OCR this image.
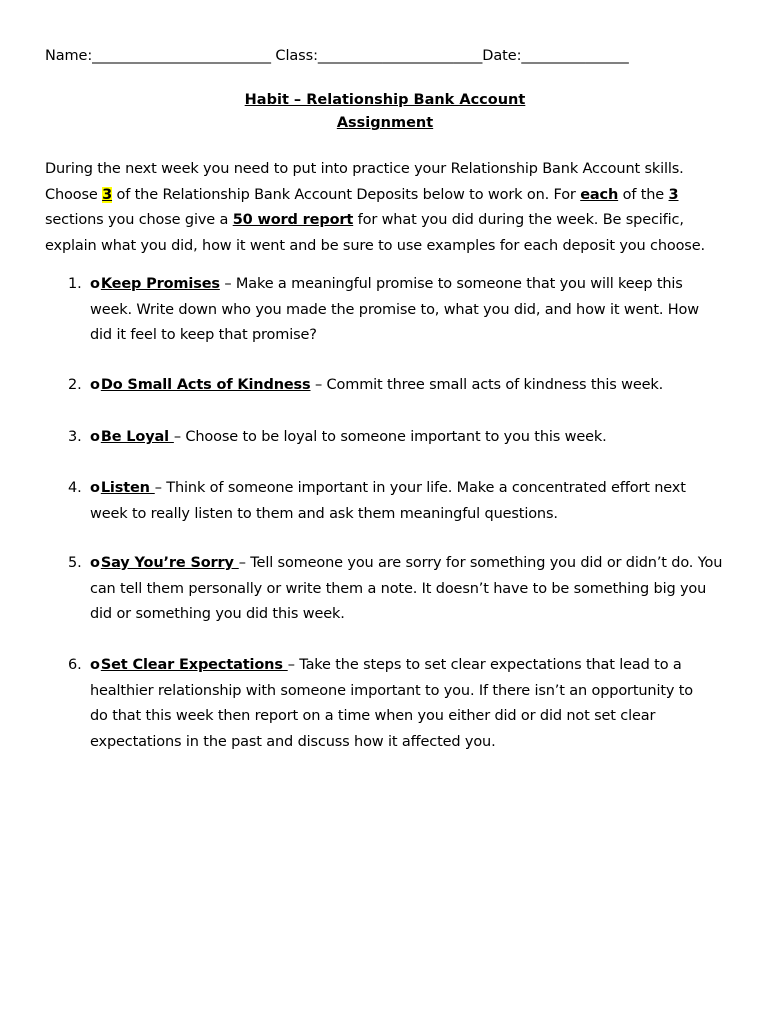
Name:_________________________ Class:_______________________Date:_______________
Habit – Relationship Bank Account
Assignment
During the next week you need to put into practice your Relationship Bank Account skills.
Choose 3 of the Relationship Bank Account Deposits below to work on. For each of the 3
sections you chose give a 50 word report for what you did during the week. Be specific,
explain what you did, how it went and be sure to use examples for each deposit you choose.
1. oKeep Promises – Make a meaningful promise to someone that you will keep this
week. Write down who you made the promise to, what you did, and how it went. How
did it feel to keep that promise?
2. oDo Small Acts of Kindness – Commit three small acts of kindness this week.
3. oBe Loyal – Choose to be loyal to someone important to you this week.
4. oListen – Think of someone important in your life. Make a concentrated effort next
week to really listen to them and ask them meaningful questions.
5. oSay You’re Sorry – Tell someone you are sorry for something you did or didn’t do. You
can tell them personally or write them a note. It doesn’t have to be something big you
did or something you did this week.
6. oSet Clear Expectations – Take the steps to set clear expectations that lead to a
healthier relationship with someone important to you. If there isn’t an opportunity to
do that this week then report on a time when you either did or did not set clear
expectations in the past and discuss how it affected you.
